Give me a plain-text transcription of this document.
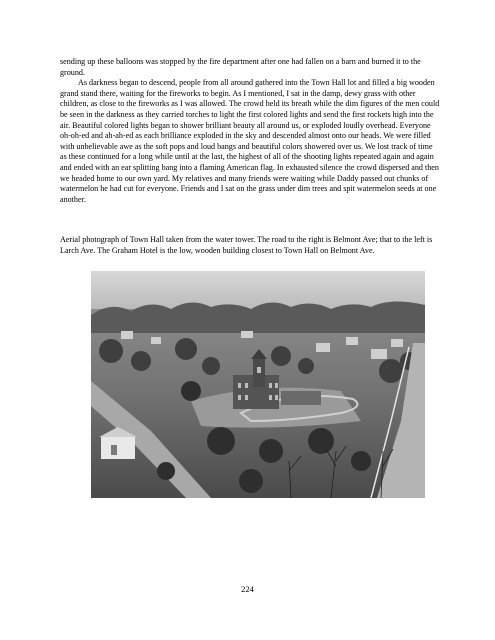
sending up these balloons was stopped by the fire department after one had fallen on a barn and burned it to the ground.

As darkness began to descend, people from all around gathered into the Town Hall lot and filled a big wooden grand stand there, waiting for the fireworks to begin. As I mentioned, I sat in the damp, dewy grass with other children, as close to the fireworks as I was allowed. The crowd held its breath while the dim figures of the men could be seen in the darkness as they carried torches to light the first colored lights and send the first rockets high into the air. Beautiful colored lights began to shower brilliant beauty all around us, or exploded loudly overhead. Everyone oh-oh-ed and ah-ah-ed as each brilliance exploded in the sky and descended almost onto our heads. We were filled with unbelievable awe as the soft pops and loud bangs and beautiful colors showered over us. We lost track of time as these continued for a long while until at the last, the highest of all of the shooting lights repeated again and again and ended with an ear splitting bang into a flaming American flag. In exhausted silence the crowd dispersed and then we headed home to our own yard. My relatives and many friends were waiting while Daddy passed out chunks of watermelon he had cut for everyone. Friends and I sat on the grass under dim trees and spit watermelon seeds at one another.

Aerial photograph of Town Hall taken from the water tower. The road to the right is Belmont Ave; that to the left is Larch Ave. The Graham Hotel is the low, wooden building closest to Town Hall on Belmont Ave.

224
